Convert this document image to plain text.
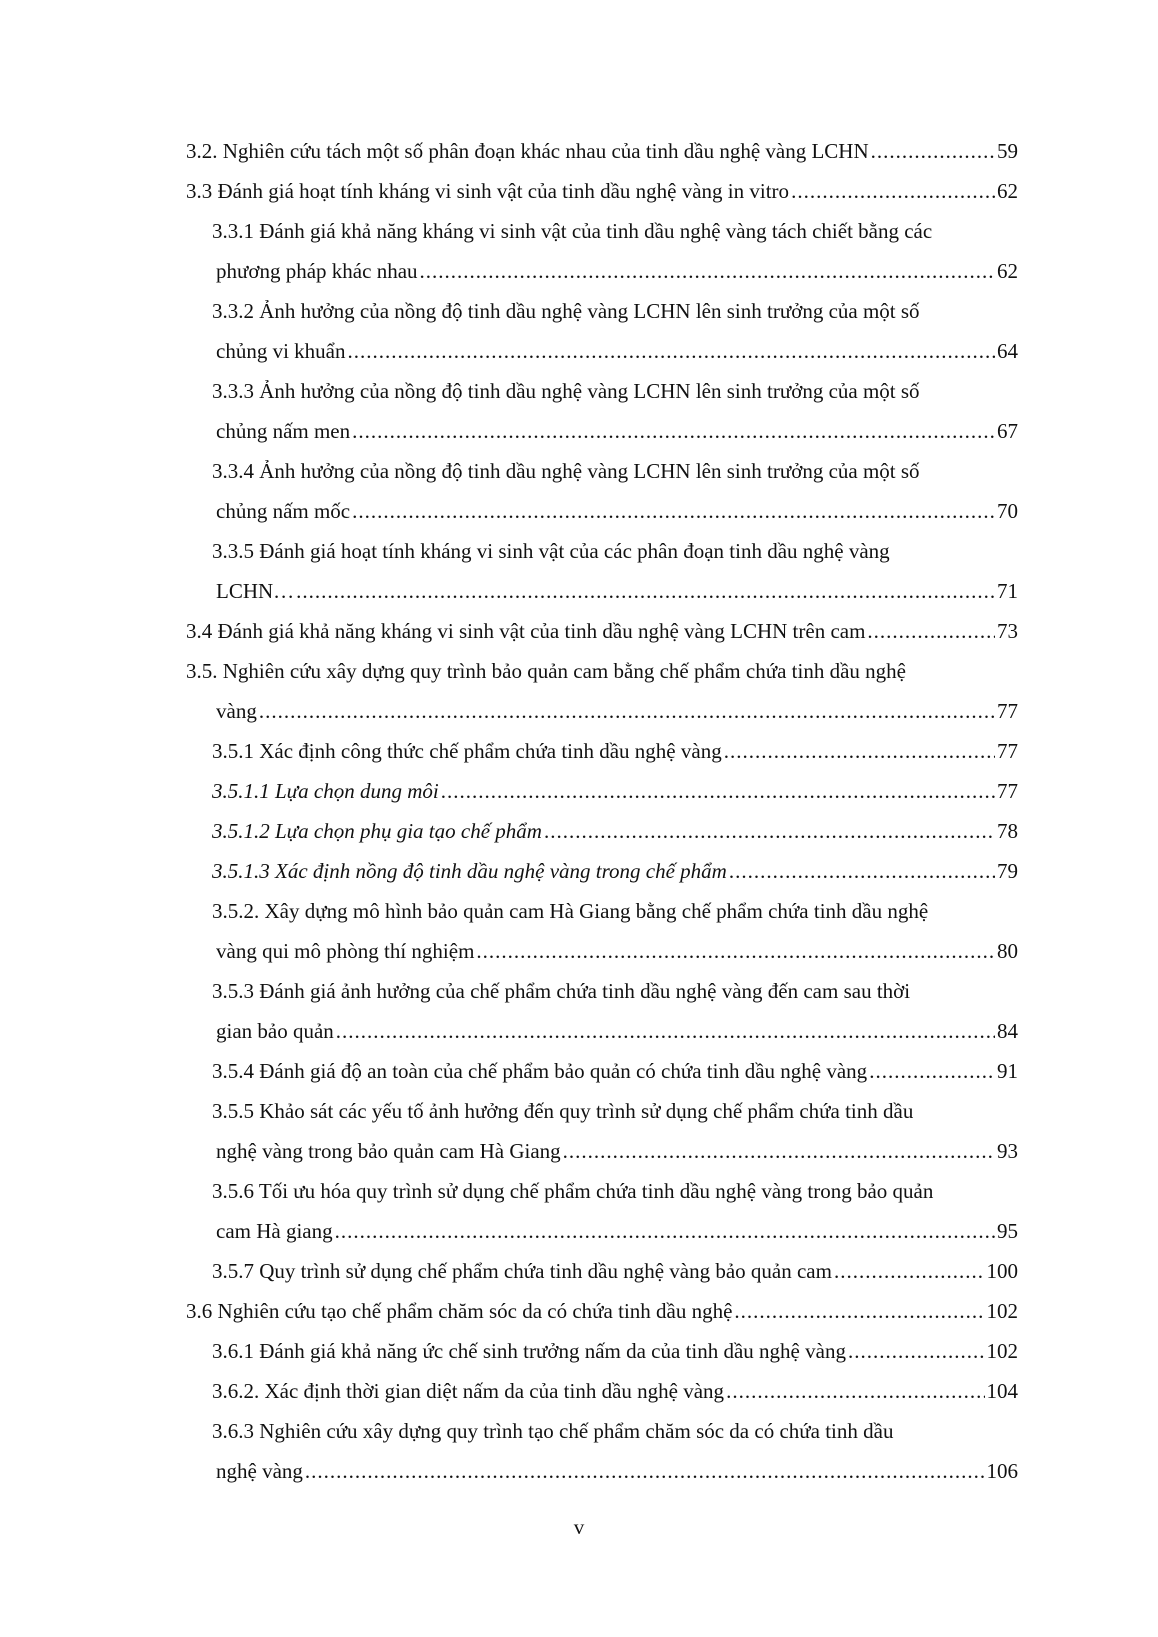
3.2. Nghiên cứu tách một số phân đoạn khác nhau của tinh dầu nghệ vàng LCHN .....	59
3.3 Đánh giá hoạt tính kháng vi sinh vật của tinh dầu nghệ vàng in vitro .....	62
3.3.1 Đánh giá khả năng kháng vi sinh vật của tinh dầu nghệ vàng tách chiết bằng các
phương pháp khác nhau .....	62
3.3.2 Ảnh hưởng của nồng độ tinh dầu nghệ vàng LCHN lên sinh trưởng của một số
chủng vi khuẩn .....	64
3.3.3 Ảnh hưởng của nồng độ tinh dầu nghệ vàng LCHN lên sinh trưởng của một số
chủng nấm men .....	67
3.3.4 Ảnh hưởng của nồng độ tinh dầu nghệ vàng LCHN lên sinh trưởng của một số
chủng nấm mốc .....	70
3.3.5 Đánh giá hoạt tính kháng vi sinh vật của các phân đoạn tinh dầu nghệ vàng
LCHN… .....	71
3.4 Đánh giá khả năng kháng vi sinh vật của tinh dầu nghệ vàng LCHN trên cam .....	73
3.5. Nghiên cứu xây dựng quy trình bảo quản cam bằng chế phẩm chứa tinh dầu nghệ
vàng .....	77
3.5.1 Xác định công thức chế phẩm chứa tinh dầu nghệ vàng .....	77
3.5.1.1 Lựa chọn dung môi .....	77
3.5.1.2 Lựa chọn phụ gia tạo chế phẩm .....	78
3.5.1.3 Xác định nồng độ tinh dầu nghệ vàng trong chế phẩm .....	79
3.5.2. Xây dựng mô hình bảo quản cam Hà Giang bằng chế phẩm chứa tinh dầu nghệ
vàng qui mô phòng thí nghiệm .....	80
3.5.3 Đánh giá ảnh hưởng của chế phẩm chứa tinh dầu nghệ vàng đến cam sau thời
gian bảo quản .....	84
3.5.4 Đánh giá độ an toàn của chế phẩm bảo quản có chứa tinh dầu nghệ vàng .....	91
3.5.5 Khảo sát các yếu tố ảnh hưởng đến quy trình sử dụng chế phẩm chứa tinh dầu
nghệ vàng trong bảo quản cam Hà Giang .....	93
3.5.6 Tối ưu hóa quy trình sử dụng chế phẩm chứa tinh dầu nghệ vàng trong bảo quản
cam Hà giang .....	95
3.5.7 Quy trình sử dụng chế phẩm chứa tinh dầu nghệ vàng bảo quản cam .....	100
3.6 Nghiên cứu tạo chế phẩm chăm sóc da có chứa tinh dầu nghệ .....	102
3.6.1 Đánh giá khả năng ức chế sinh trưởng nấm da của tinh dầu nghệ vàng .....	102
3.6.2. Xác định thời gian diệt nấm da của tinh dầu nghệ vàng .....	104
3.6.3 Nghiên cứu xây dựng quy trình tạo chế phẩm chăm sóc da có chứa tinh dầu
nghệ vàng .....	106
v
